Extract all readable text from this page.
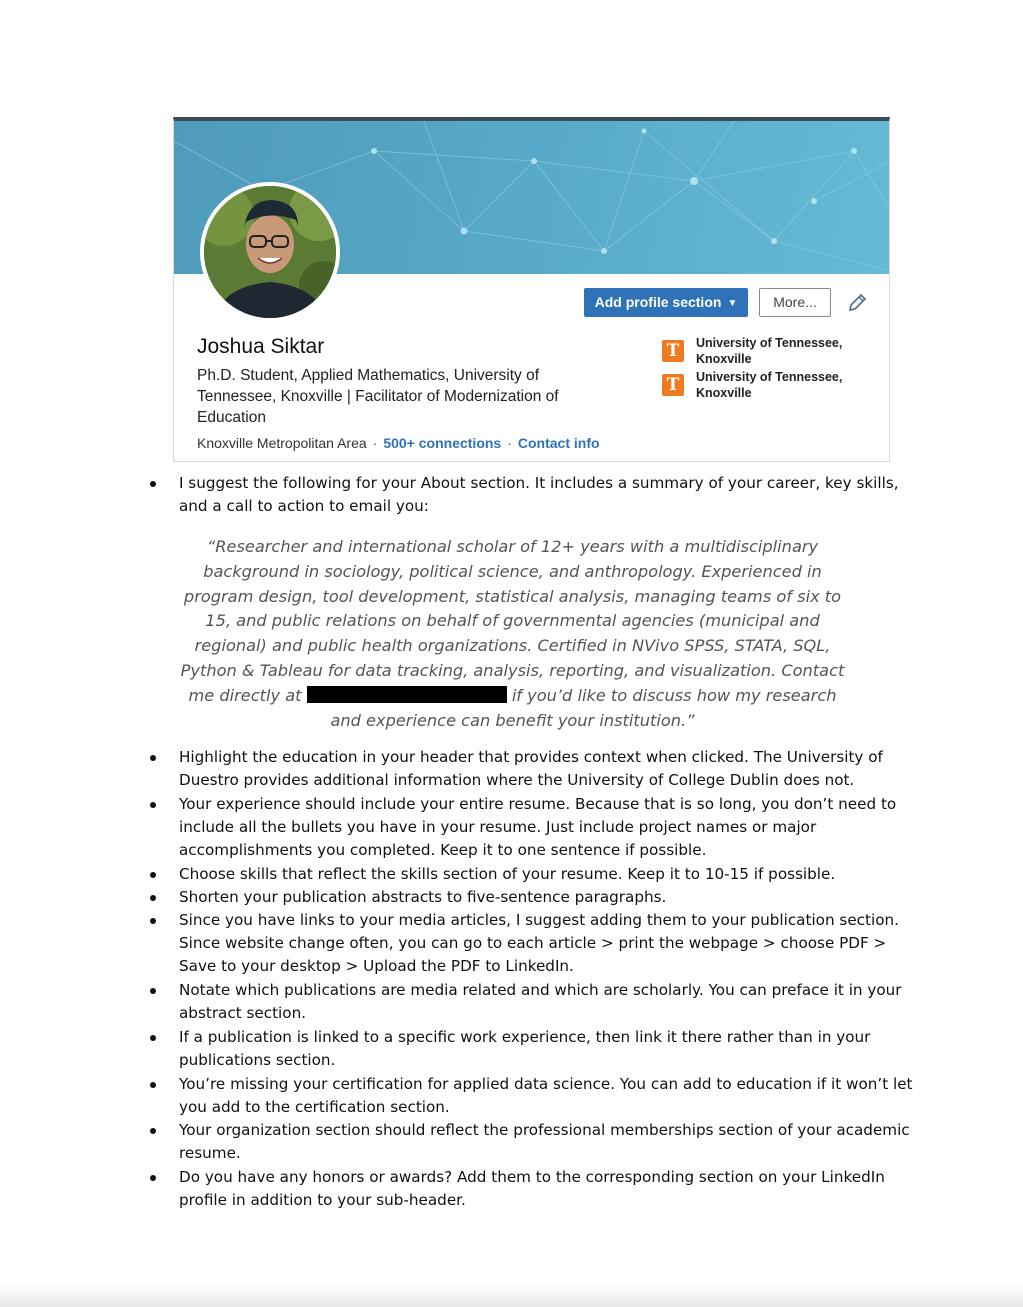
Add profile section ▼	More...
Joshua Siktar
Ph.D. Student, Applied Mathematics, University of Tennessee, Knoxville | Facilitator of Modernization of Education
Knoxville Metropolitan Area · 500+ connections · Contact info
T	University of Tennessee, Knoxville
T	University of Tennessee, Knoxville
I suggest the following for your About section. It includes a summary of your career, key skills, and a call to action to email you:
“Researcher and international scholar of 12+ years with a multidisciplinary background in sociology, political science, and anthropology. Experienced in program design, tool development, statistical analysis, managing teams of six to 15, and public relations on behalf of governmental agencies (municipal and regional) and public health organizations. Certified in NVivo SPSS, STATA, SQL, Python & Tableau for data tracking, analysis, reporting, and visualization. Contact me directly at	if you’d like to discuss how my research and experience can benefit your institution.”
Highlight the education in your header that provides context when clicked. The University of Duestro provides additional information where the University of College Dublin does not.
Your experience should include your entire resume. Because that is so long, you don’t need to include all the bullets you have in your resume. Just include project names or major accomplishments you completed. Keep it to one sentence if possible.
Choose skills that reflect the skills section of your resume. Keep it to 10-15 if possible.
Shorten your publication abstracts to five-sentence paragraphs.
Since you have links to your media articles, I suggest adding them to your publication section. Since website change often, you can go to each article > print the webpage > choose PDF > Save to your desktop > Upload the PDF to LinkedIn.
Notate which publications are media related and which are scholarly. You can preface it in your abstract section.
If a publication is linked to a specific work experience, then link it there rather than in your publications section.
You’re missing your certification for applied data science. You can add to education if it won’t let you add to the certification section.
Your organization section should reflect the professional memberships section of your academic resume.
Do you have any honors or awards? Add them to the corresponding section on your LinkedIn profile in addition to your sub-header.
